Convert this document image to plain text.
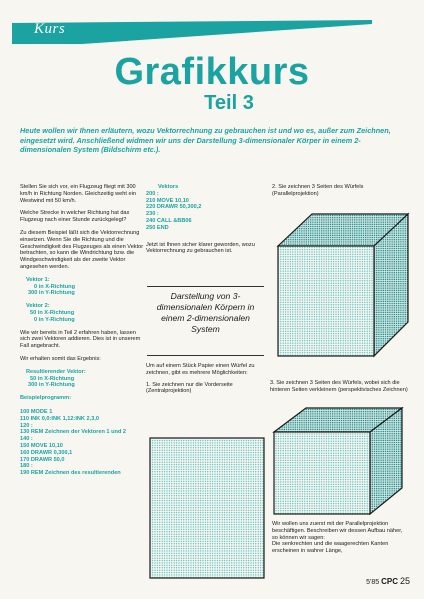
Kurs
Grafikkurs
Teil 3
Heute wollen wir Ihnen erläutern, wozu Vektorrechnung zu gebrauchen ist und wo es, außer zum Zeichnen, eingesetzt wird. Anschließend widmen wir uns der Darstellung 3-dimensionaler Körper in einem 2-dimensionalen System (Bildschirm etc.).

Stellen Sie sich vor, ein Flugzeug fliegt mit 300 km/h in Richtung Norden. Gleichzeitig weht ein Westwind mit 50 km/h.

Welche Strecke in welcher Richtung hat das Flugzeug nach einer Stunde zurückgelegt?

Zu diesem Beispiel läßt sich die Vektorrechnung einsetzen. Wenn Sie die Richtung und die Geschwindigkeit des Flugzeuges als einen Vektor betrachten, so kann die Windrichtung bzw. die Windgeschwindigkeit als der zweite Vektor angesehen werden.

Vektor 1:

0 in X-Richtung

300 in Y-Richtung

Vektor 2:

50 in X-Richtung

0 in Y-Richtung

Wie wir bereits in Teil 2 erfahren haben, lassen sich zwei Vektoren addieren. Dies ist in unserem Fall angebracht.

Wir erhalten somit das Ergebnis:

Resultierender Vektor:

50 in X-Richtung

300 in Y-Richtung

Beispielprogramm:

100 MODE 1

110 INK 0,0:INK 1,12:INK 2,3,0

120 :

130 REM Zeichnen der Vektoren 1 und 2

140 :

150 MOVE 10,10

160 DRAWR 0,300,1

170 DRAWR 50,0

180 :

190 REM Zeichnen des resultierenden

Vektors

200 :

210 MOVE 10,10

220 DRAWR 50,300,2

230 :

240 CALL &BB06

250 END

Jetzt ist Ihnen sicher klarer geworden, wozu Vektorrechnung zu gebrauchen ist.

Darstellung von 3-dimensionalen Körpern in einem 2-dimensionalen System

Um auf einem Stück Papier einen Würfel zu zeichnen, gibt es mehrere Möglichkeiten:

1. Sie zeichnen nur die Vorderseite (Zentralprojektion)

2. Sie zeichnen 3 Seiten des Würfels (Parallelprojektion)
3. Sie zeichnen 3 Seiten des Würfels, wobei sich die hinteren Seiten verkleinern (perspektivisches Zeichnen)
Wir wollen uns zuerst mit der Parallelprojektion beschäftigen. Beschreiben wir dessen Aufbau näher, so können wir sagen:
Die senkrechten und die waagerechten Kanten erscheinen in wahrer Länge,
5'85 CPC 25
